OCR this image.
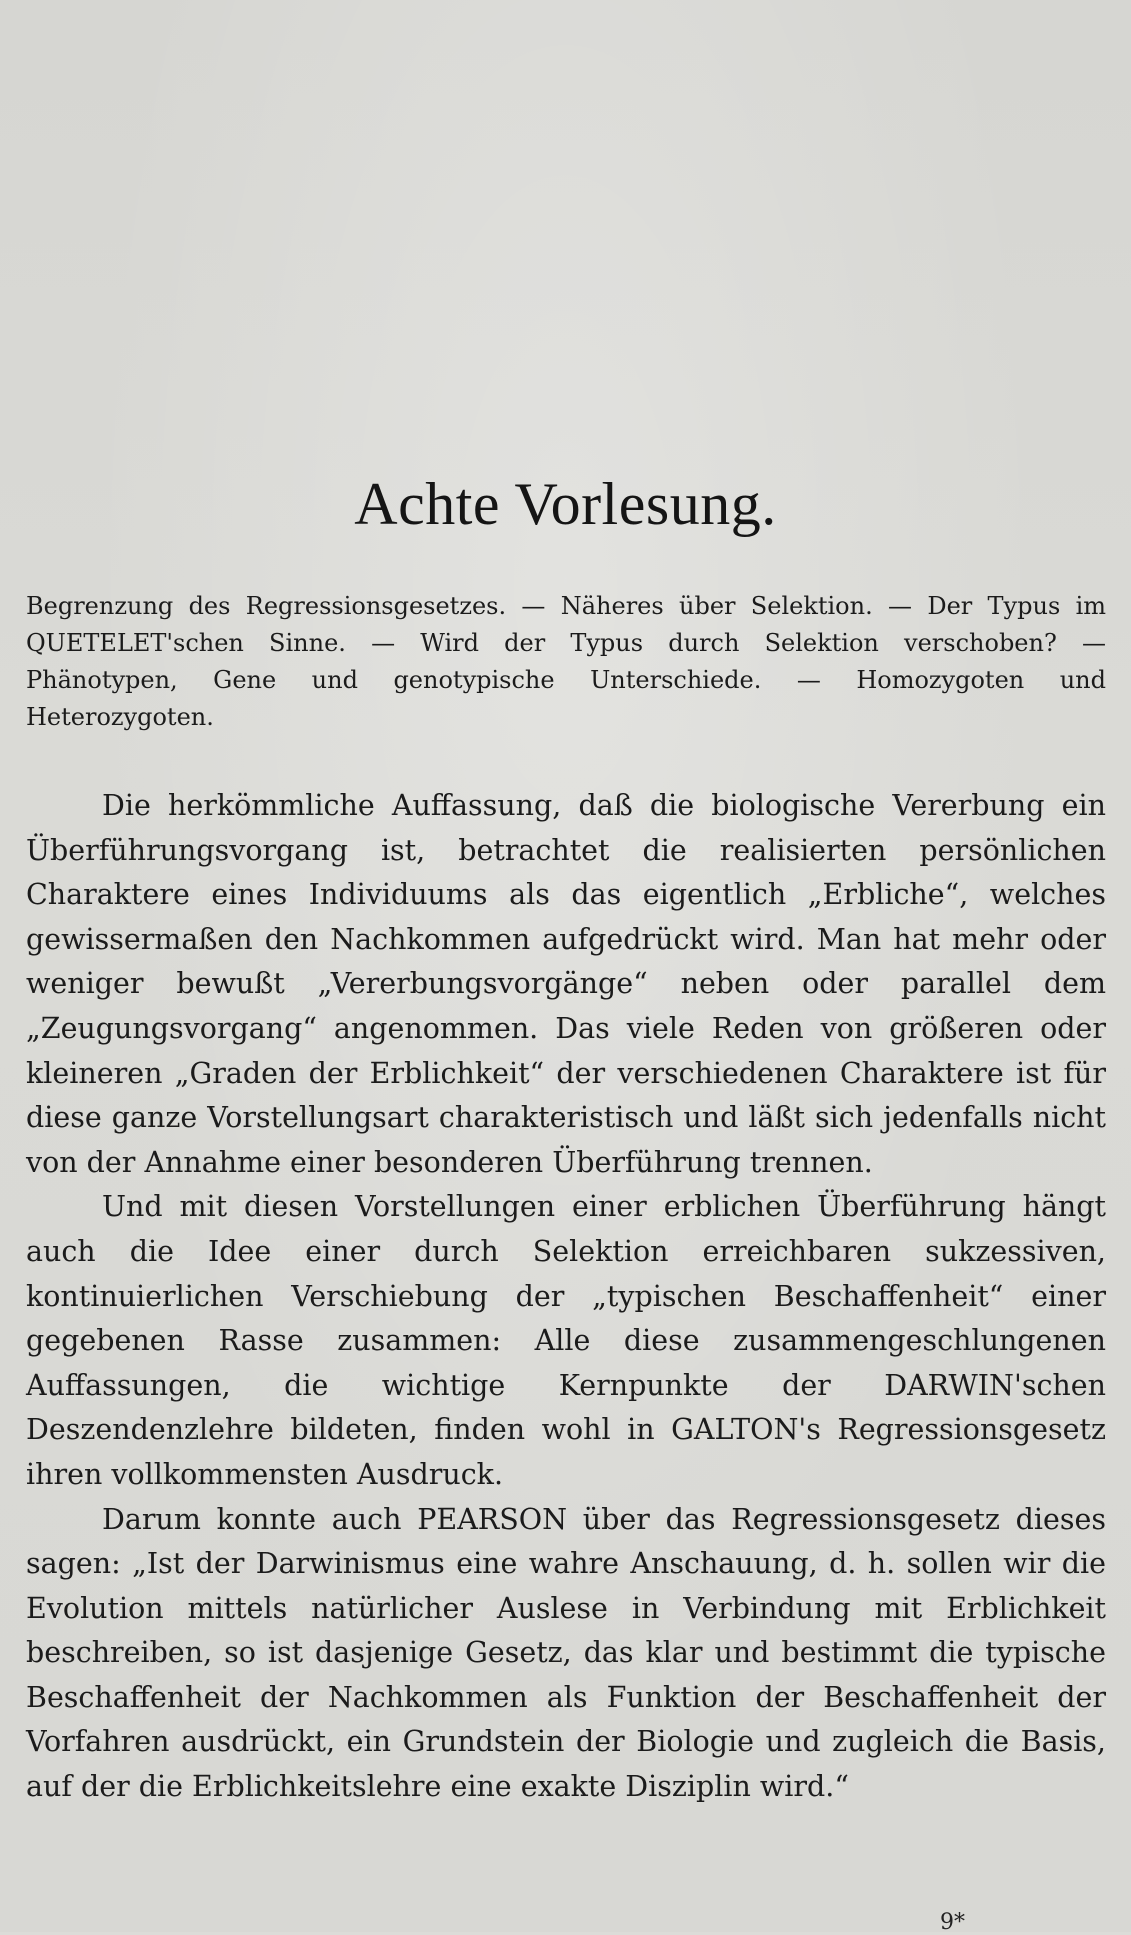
Achte Vorlesung.
Begrenzung des Regressionsgesetzes. — Näheres über Selektion. — Der Typus im QUETELET'schen Sinne. — Wird der Typus durch Selektion verschoben? — Phänotypen, Gene und genotypische Unterschiede. — Homozygoten und Heterozygoten.

Die herkömmliche Auffassung, daß die biologische Vererbung ein Überführungsvorgang ist, betrachtet die realisierten persönlichen Charaktere eines Individuums als das eigentlich „Erbliche“, welches gewissermaßen den Nachkommen aufgedrückt wird. Man hat mehr oder weniger bewußt „Vererbungsvorgänge“ neben oder parallel dem „Zeugungsvorgang“ angenommen. Das viele Reden von größeren oder kleineren „Graden der Erblichkeit“ der verschiedenen Charaktere ist für diese ganze Vorstellungsart charakteristisch und läßt sich jedenfalls nicht von der Annahme einer besonderen Überführung trennen.

Und mit diesen Vorstellungen einer erblichen Überführung hängt auch die Idee einer durch Selektion erreichbaren sukzessiven, kontinuierlichen Verschiebung der „typischen Beschaffenheit“ einer gegebenen Rasse zusammen: Alle diese zusammengeschlungenen Auffassungen, die wichtige Kernpunkte der DARWIN'schen Deszendenzlehre bildeten, finden wohl in GALTON's Regressionsgesetz ihren vollkommensten Ausdruck.

Darum konnte auch PEARSON über das Regressionsgesetz dieses sagen: „Ist der Darwinismus eine wahre Anschauung, d. h. sollen wir die Evolution mittels natürlicher Auslese in Verbindung mit Erblichkeit beschreiben, so ist dasjenige Gesetz, das klar und bestimmt die typische Beschaffenheit der Nachkommen als Funktion der Beschaffenheit der Vorfahren ausdrückt, ein Grundstein der Biologie und zugleich die Basis, auf der die Erblichkeitslehre eine exakte Disziplin wird.“

9*
